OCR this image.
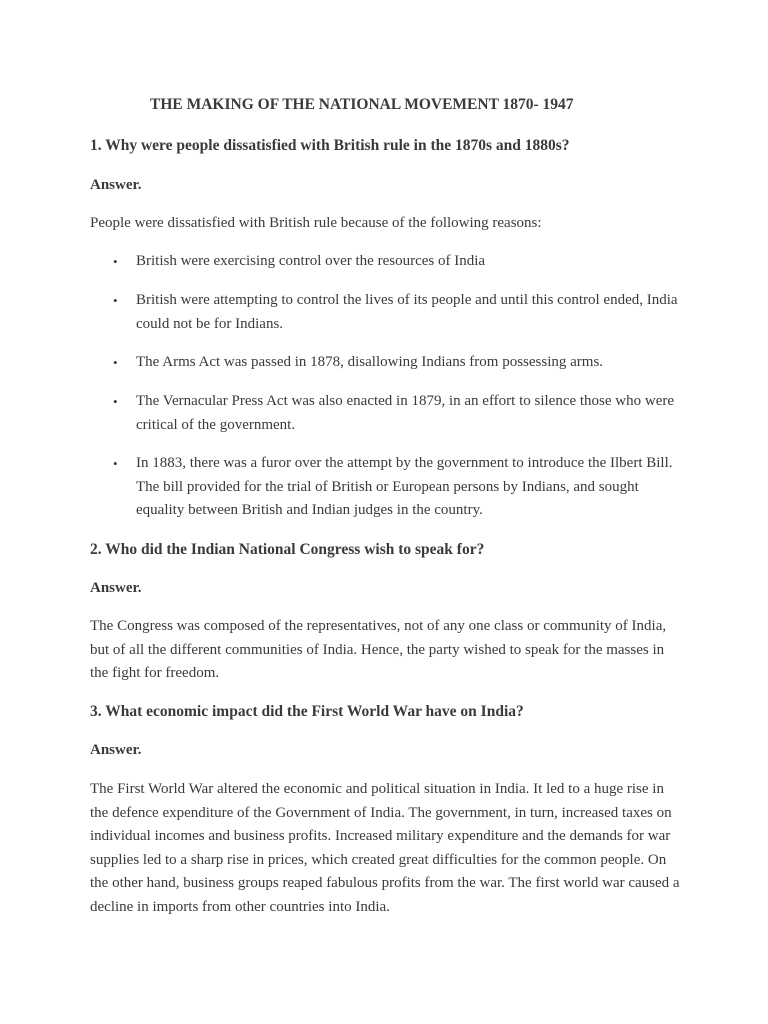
THE MAKING OF THE NATIONAL MOVEMENT 1870- 1947

1. Why were people dissatisfied with British rule in the 1870s and 1880s?

Answer.

People were dissatisfied with British rule because of the following reasons:

• British were exercising control over the resources of India
• British were attempting to control the lives of its people and until this control ended, India could not be for Indians.
• The Arms Act was passed in 1878, disallowing Indians from possessing arms.
• The Vernacular Press Act was also enacted in 1879, in an effort to silence those who were critical of the government.
• In 1883, there was a furor over the attempt by the government to introduce the Ilbert Bill. The bill provided for the trial of British or European persons by Indians, and sought equality between British and Indian judges in the country.

2. Who did the Indian National Congress wish to speak for?

Answer.

The Congress was composed of the representatives, not of any one class or community of India, but of all the different communities of India. Hence, the party wished to speak for the masses in the fight for freedom.

3. What economic impact did the First World War have on India?

Answer.

The First World War altered the economic and political situation in India. It led to a huge rise in the defence expenditure of the Government of India. The government, in turn, increased taxes on individual incomes and business profits. Increased military expenditure and the demands for war supplies led to a sharp rise in prices, which created great difficulties for the common people. On the other hand, business groups reaped fabulous profits from the war. The first world war caused a decline in imports from other countries into India.
